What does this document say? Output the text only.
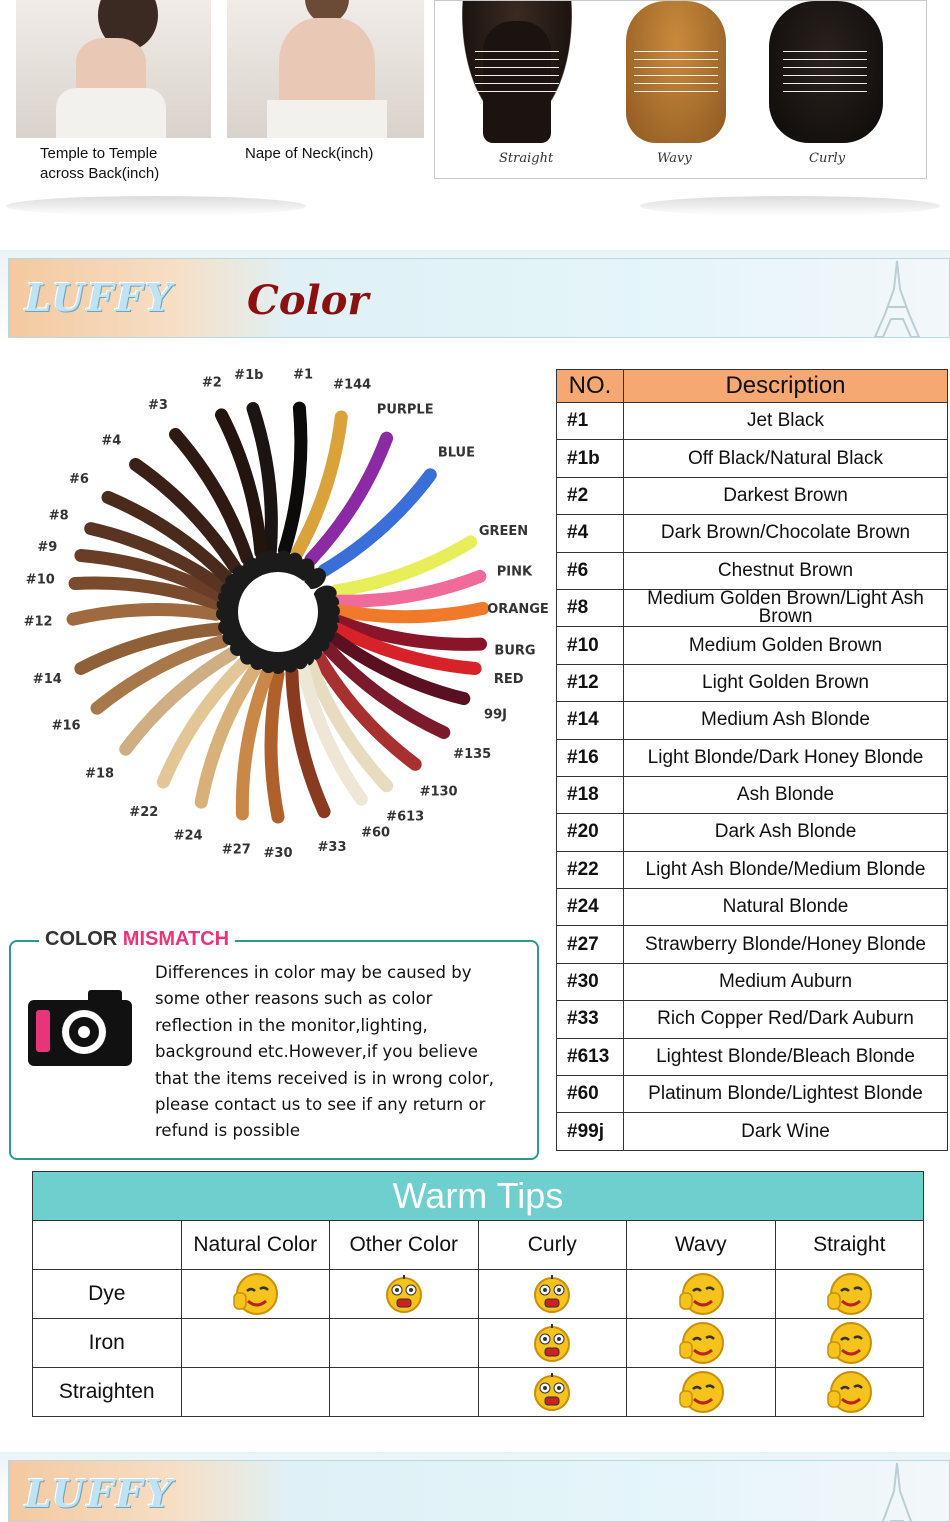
Temple to Temple
across Back(inch)
Nape of Neck(inch)	Straight	Wavy	Curly
LUFFY Color
#1b #1
#144
PURPLE
BLUE
GREEN
PINK
ORANGE
BURG
RED
99J
#135
#130
#613
#60
#33
#30
#27
#24
#22
#18
#16
#14
#12
#10
#9
#8
#6
#4
#3
#2	NO.	Description
#1	Jet Black
#1b	Off Black/Natural Black
#2	Darkest Brown
#4	Dark Brown/Chocolate Brown
#6	Chestnut Brown
#8	Medium Golden Brown/Light Ash Brown
#10	Medium Golden Brown
#12	Light Golden Brown
#14	Medium Ash Blonde
#16	Light Blonde/Dark Honey Blonde
#18	Ash Blonde
#20	Dark Ash Blonde
#22	Light Ash Blonde/Medium Blonde
#24	Natural Blonde
#27	Strawberry Blonde/Honey Blonde
#30	Medium Auburn
#33	Rich Copper Red/Dark Auburn
#613	Lightest Blonde/Bleach Blonde
#60	Platinum Blonde/Lightest Blonde
#99j	Dark Wine
COLOR MISMATCH
Differences in color may be caused by some other reasons such as color reflection in the monitor,lighting, background etc.However,if you believe that the items received is in wrong color, please contact us to see if any return or refund is possible
Warm Tips					
	Natural Color	Other Color	Curly	Wavy	Straight
Dye					
Iron					
Straighten					
LUFFY
